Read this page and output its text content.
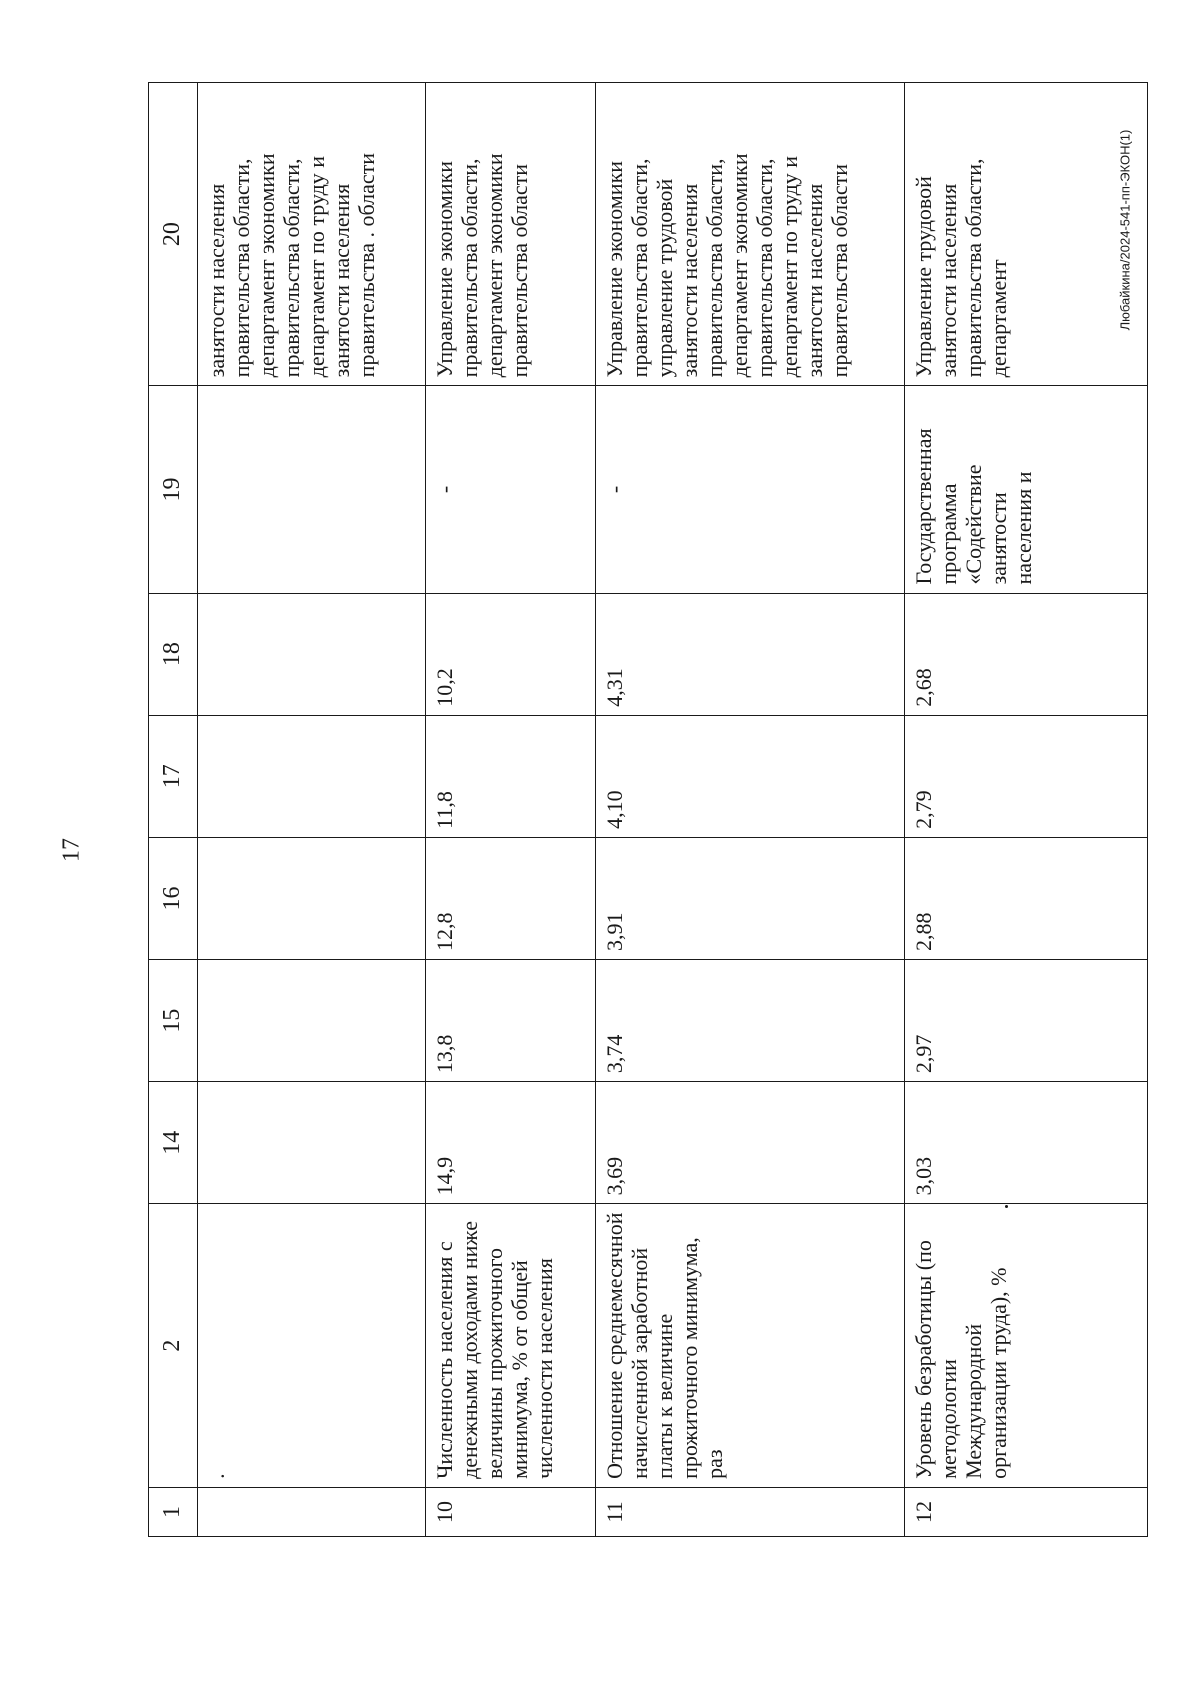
17
Любайкина/2024-541-пп-ЭКОН(1)
1	2	14	15	16	17	18	19	20
	.							занятости населения правительства области, департамент экономики правительства области, департамент по труду и занятости населения правительства . области
10	Численность населения с денежными доходами ниже величины прожиточного минимума, % от общей численности населения	14,9	13,8	12,8	11,8	10,2	-	Управление экономики правительства области, департамент экономики правительства области
11	Отношение среднемесячной начисленной заработной платы к величине прожиточного минимума, раз	3,69	3,74	3,91	4,10	4,31	-	Управление экономики правительства области, управление трудовой занятости населения правительства области, департамент экономики правительства области, департамент по труду и занятости населения правительства области
12	Уровень безработицы (по методологии Международной организации труда), %	3,03	2,97	2,88	2,79	2,68	Государственная программа «Содействие занятости населения и	Управление трудовой занятости населения правительства области, департамент
